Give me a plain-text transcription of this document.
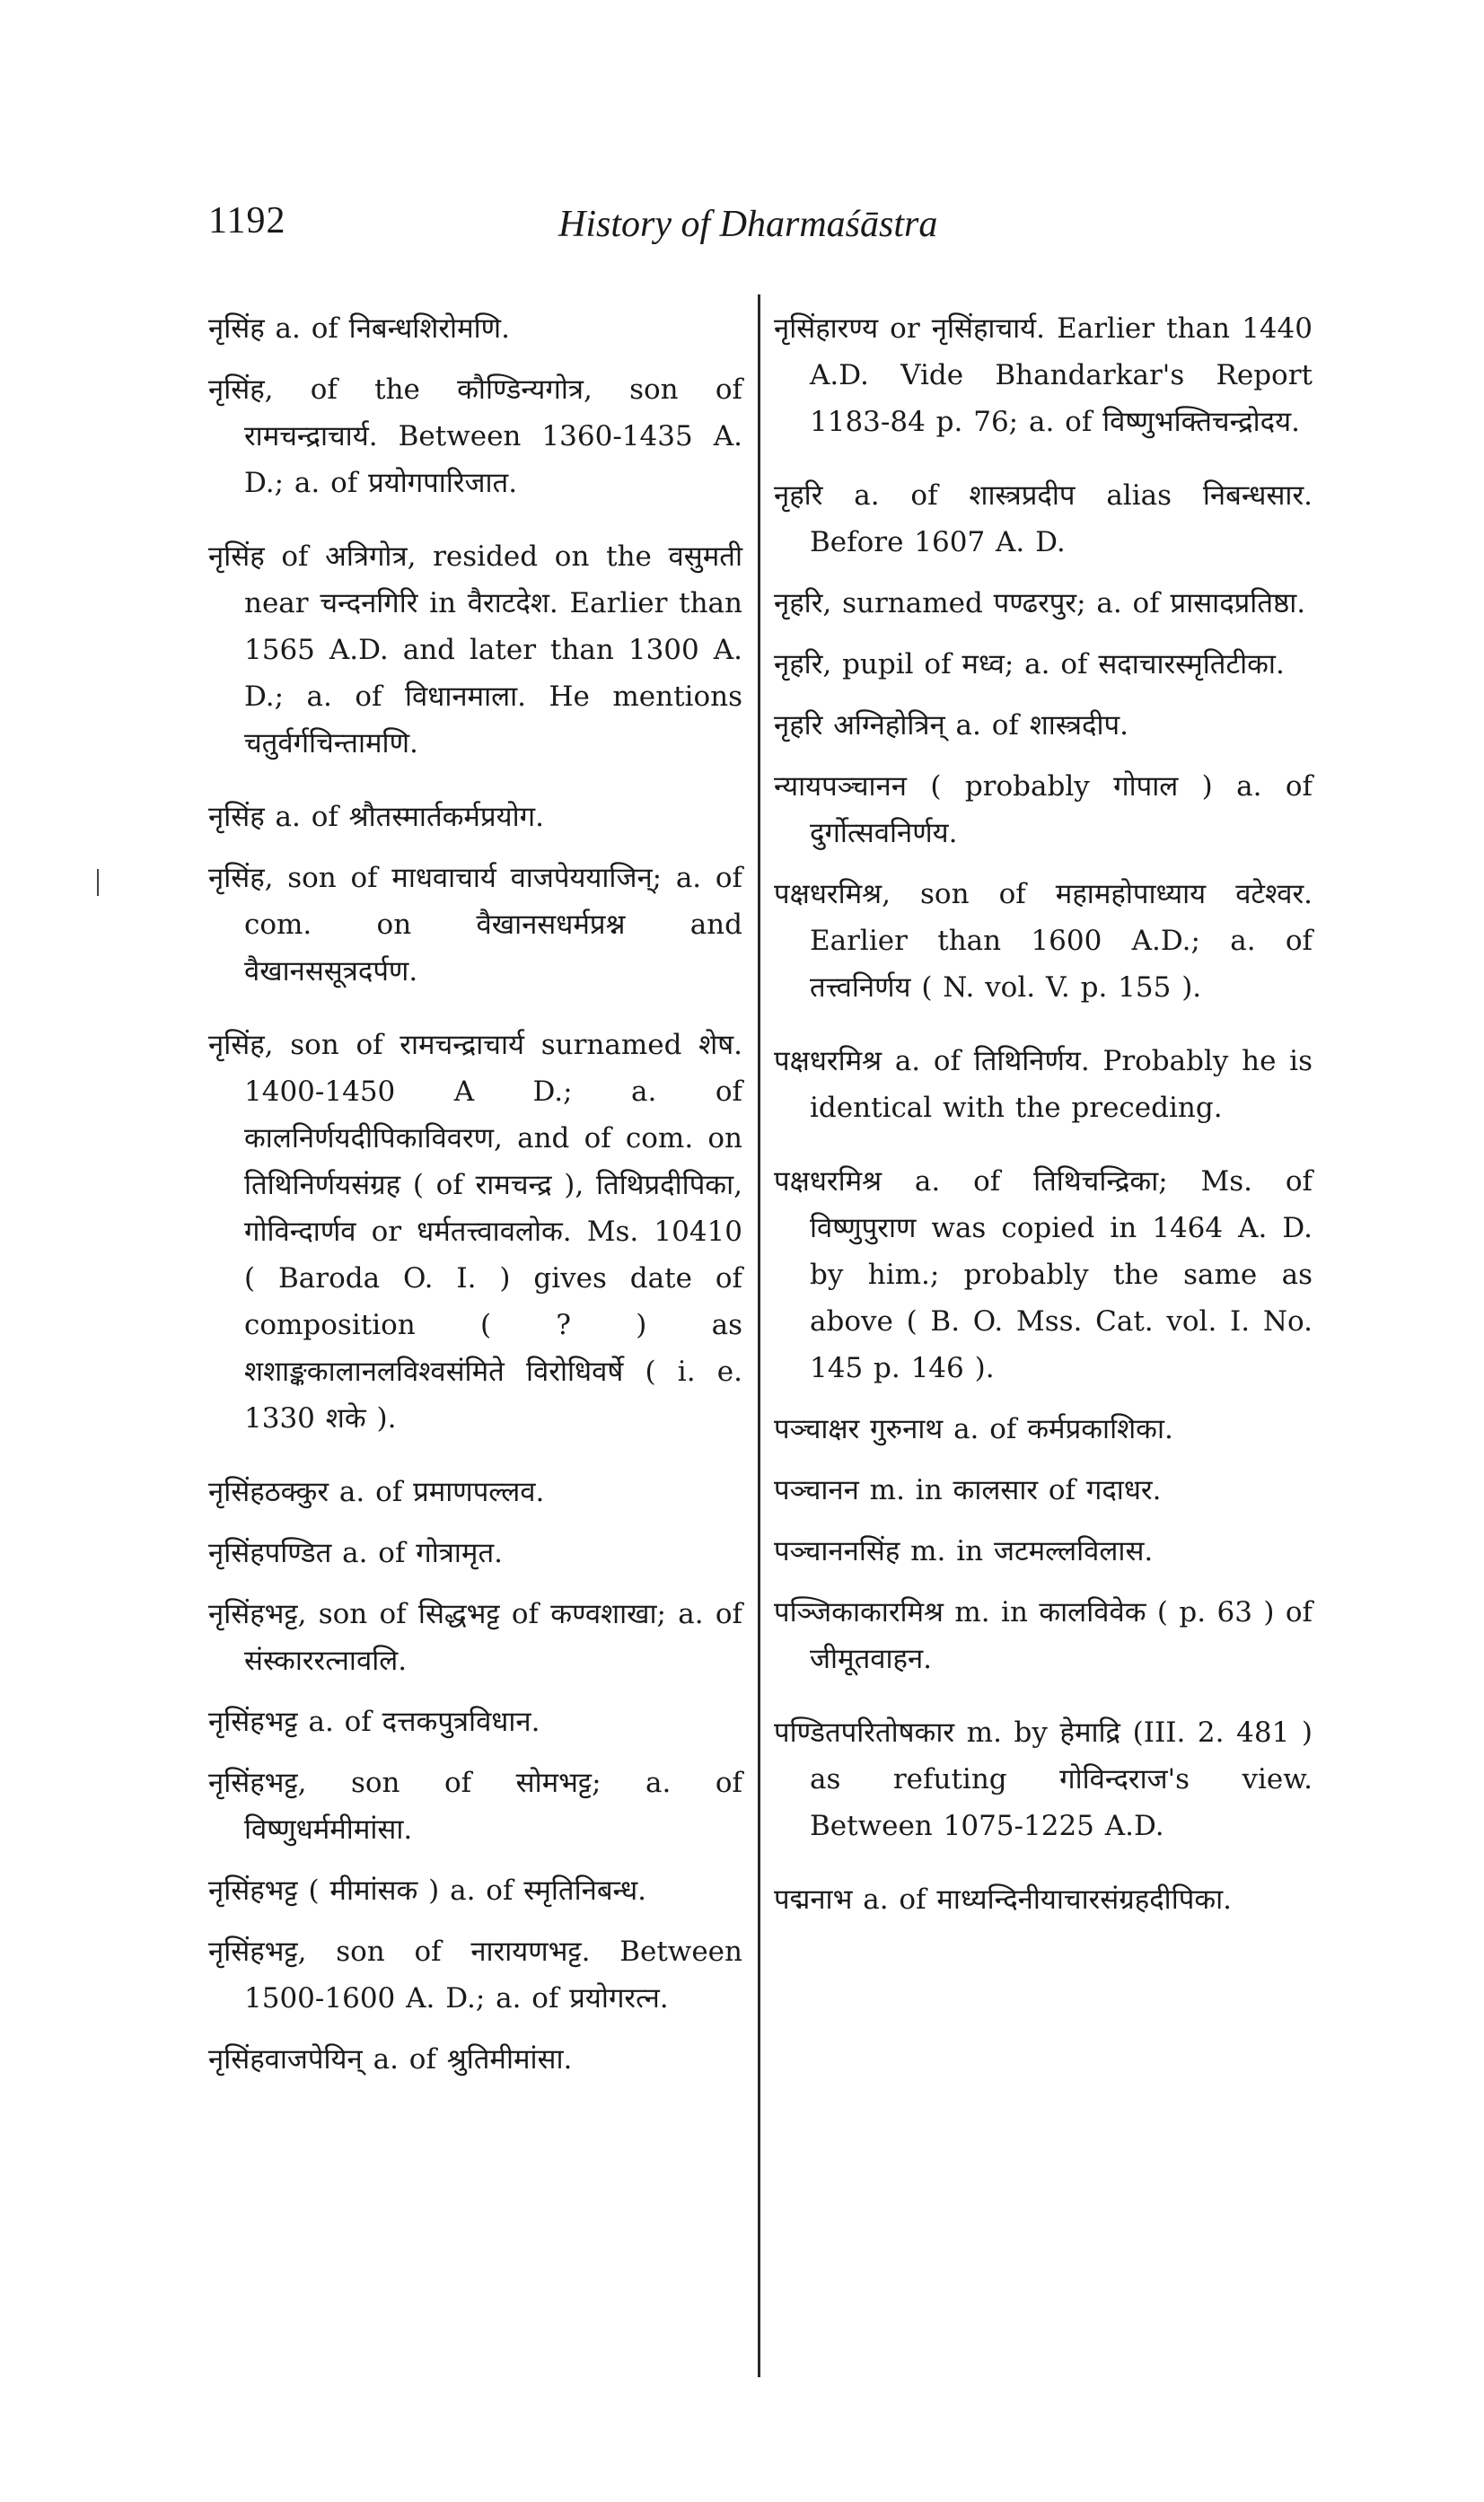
1192	History of Dharmaśāstra

नृसिंह a. of निबन्धशिरोमणि.

नृसिंह, of the कौण्डिन्यगोत्र, son of रामचन्द्राचार्य. Between 1360-1435 A. D.; a. of प्रयोगपारिजात.

नृसिंह of अत्रिगोत्र, resided on the वसुमती near चन्दनगिरि in वैराटदेश. Earlier than 1565 A.D. and later than 1300 A. D.; a. of विधानमाला. He mentions चतुर्वर्गचिन्तामणि.

नृसिंह a. of श्रौतस्मार्तकर्मप्रयोग.

नृसिंह, son of माधवाचार्य वाजपेययाजिन्; a. of com. on वैखानसधर्मप्रश्न and वैखानससूत्रदर्पण.

नृसिंह, son of रामचन्द्राचार्य surnamed शेष. 1400-1450 A D.; a. of कालनिर्णयदीपिकाविवरण, and of com. on तिथिनिर्णयसंग्रह ( of रामचन्द्र ), तिथिप्रदीपिका, गोविन्दार्णव or धर्मतत्त्वावलोक. Ms. 10410 ( Baroda O. I. ) gives date of composition ( ? ) as शशाङ्ककालानलविश्वसंमिते विरोधिवर्षे ( i. e. 1330 शके ).

नृसिंहठक्कुर a. of प्रमाणपल्लव.

नृसिंहपण्डित a. of गोत्रामृत.

नृसिंहभट्ट, son of सिद्धभट्ट of कण्वशाखा; a. of संस्काररत्नावलि.

नृसिंहभट्ट a. of दत्तकपुत्रविधान.

नृसिंहभट्ट, son of सोमभट्ट; a. of विष्णुधर्ममीमांसा.

नृसिंहभट्ट ( मीमांसक ) a. of स्मृतिनिबन्ध.

नृसिंहभट्ट, son of नारायणभट्ट. Between 1500-1600 A. D.; a. of प्रयोगरत्न.

नृसिंहवाजपेयिन् a. of श्रुतिमीमांसा.

नृसिंहारण्य or नृसिंहाचार्य. Earlier than 1440 A.D. Vide Bhandarkar's Report 1183-84 p. 76; a. of विष्णुभक्तिचन्द्रोदय.

नृहरि a. of शास्त्रप्रदीप alias निबन्धसार. Before 1607 A. D.

नृहरि, surnamed पण्ढरपुर; a. of प्रासादप्रतिष्ठा.

नृहरि, pupil of मध्व; a. of सदाचारस्मृतिटीका.

नृहरि अग्निहोत्रिन् a. of शास्त्रदीप.

न्यायपञ्चानन ( probably गोपाल ) a. of दुर्गोत्सवनिर्णय.

पक्षधरमिश्र, son of महामहोपाध्याय वटेश्वर. Earlier than 1600 A.D.; a. of तत्त्वनिर्णय ( N. vol. V. p. 155 ).

पक्षधरमिश्र a. of तिथिनिर्णय. Probably he is identical with the preceding.

पक्षधरमिश्र a. of तिथिचन्द्रिका; Ms. of विष्णुपुराण was copied in 1464 A. D. by him.; probably the same as above ( B. O. Mss. Cat. vol. I. No. 145 p. 146 ).

पञ्चाक्षर गुरुनाथ a. of कर्मप्रकाशिका.

पञ्चानन m. in कालसार of गदाधर.

पञ्चाननसिंह m. in जटमल्लविलास.

पञ्जिकाकारमिश्र m. in कालविवेक ( p. 63 ) of जीमूतवाहन.

पण्डितपरितोषकार m. by हेमाद्रि (III. 2. 481 ) as refuting गोविन्दराज's view. Between 1075-1225 A.D.

पद्मनाभ a. of माध्यन्दिनीयाचारसंग्रहदीपिका.
